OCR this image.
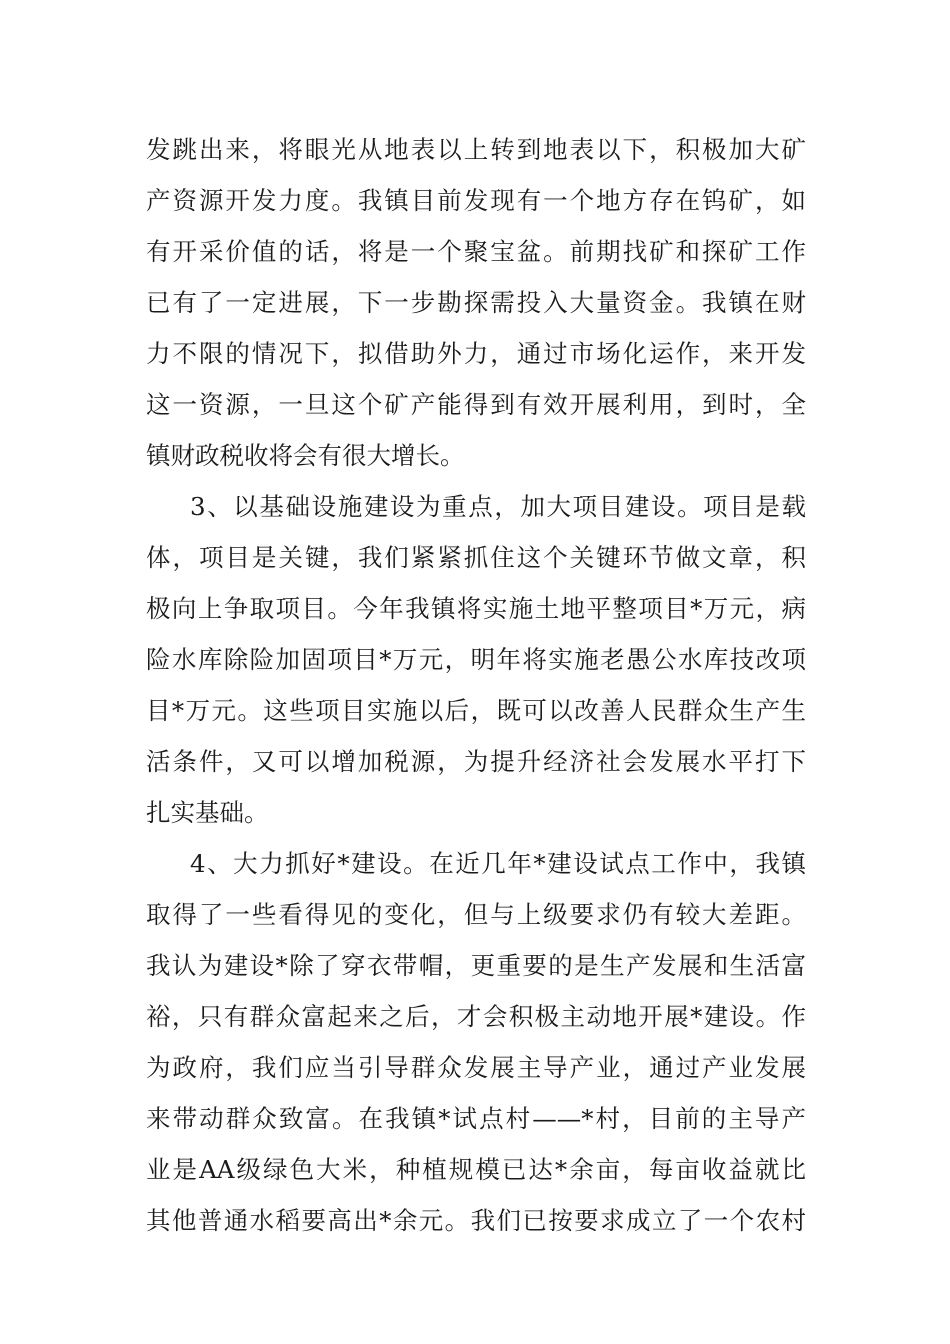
发跳出来，将眼光从地表以上转到地表以下，积极加大矿
产资源开发力度。我镇目前发现有一个地方存在钨矿，如
有开采价值的话，将是一个聚宝盆。前期找矿和探矿工作
已有了一定进展，下一步勘探需投入大量资金。我镇在财
力不限的情况下，拟借助外力，通过市场化运作，来开发
这一资源，一旦这个矿产能得到有效开展利用，到时，全
镇财政税收将会有很大增长。
3、以基础设施建设为重点，加大项目建设。项目是载
体，项目是关键，我们紧紧抓住这个关键环节做文章，积
极向上争取项目。今年我镇将实施土地平整项目*万元，病
险水库除险加固项目*万元，明年将实施老愚公水库技改项
目*万元。这些项目实施以后，既可以改善人民群众生产生
活条件，又可以增加税源，为提升经济社会发展水平打下
扎实基础。
4、大力抓好*建设。在近几年*建设试点工作中，我镇
取得了一些看得见的变化，但与上级要求仍有较大差距。
我认为建设*除了穿衣带帽，更重要的是生产发展和生活富
裕，只有群众富起来之后，才会积极主动地开展*建设。作
为政府，我们应当引导群众发展主导产业，通过产业发展
来带动群众致富。在我镇*试点村——*村，目前的主导产
业是AA级绿色大米，种植规模已达*余亩，每亩收益就比
其他普通水稻要高出*余元。我们已按要求成立了一个农村
